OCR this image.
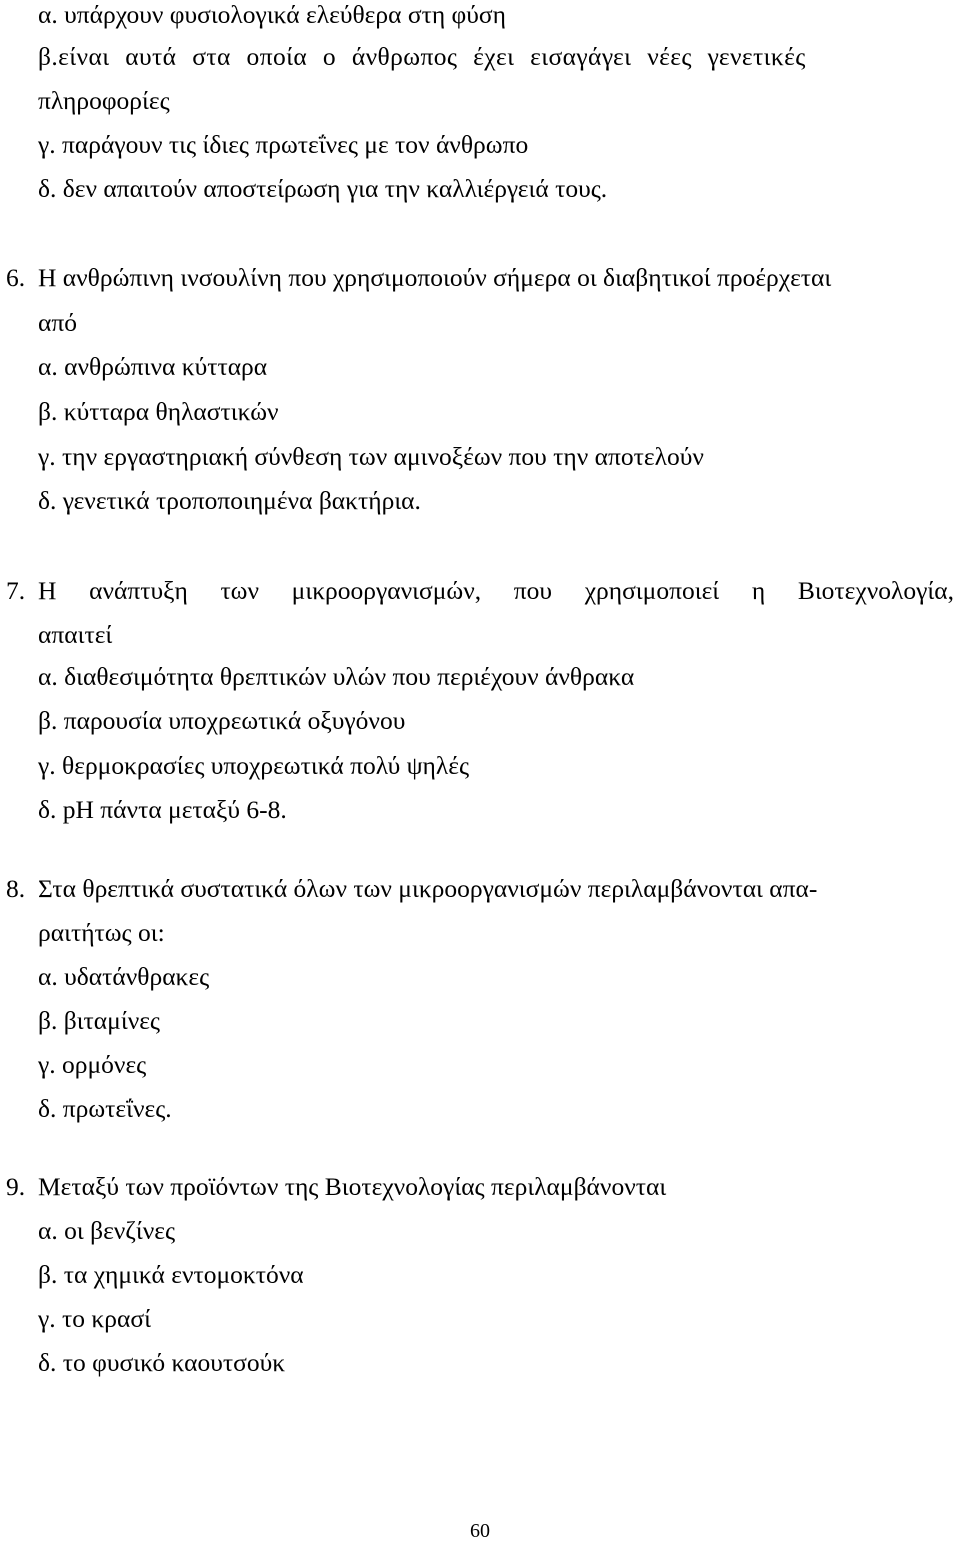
α. υπάρχουν φυσιολογικά ελεύθερα στη φύση
β.είναι αυτά στα οποία ο άνθρωπος έχει εισαγάγει νέες γενετικές
πληροφορίες
γ. παράγουν τις ίδιες πρωτεΐνες με τον άνθρωπο
δ. δεν απαιτούν αποστείρωση για την καλλιέργειά τους.
6. Η ανθρώπινη ινσουλίνη που χρησιμοποιούν σήμερα οι διαβητικοί προέρχεται
από
α. ανθρώπινα κύτταρα
β. κύτταρα θηλαστικών
γ. την εργαστηριακή σύνθεση των αμινοξέων που την αποτελούν
δ. γενετικά τροποποιημένα βακτήρια.
7. Η ανάπτυξη των μικροοργανισμών, που χρησιμοποιεί η Βιοτεχνολογία,
απαιτεί
α. διαθεσιμότητα θρεπτικών υλών που περιέχουν άνθρακα
β. παρουσία υποχρεωτικά οξυγόνου
γ. θερμοκρασίες υποχρεωτικά πολύ ψηλές
δ. pH πάντα μεταξύ 6-8.
8. Στα θρεπτικά συστατικά όλων των μικροοργανισμών περιλαμβάνονται απα-
ραιτήτως οι:
α. υδατάνθρακες
β. βιταμίνες
γ. ορμόνες
δ. πρωτεΐνες.
9. Μεταξύ των προϊόντων της Βιοτεχνολογίας περιλαμβάνονται
α. οι βενζίνες
β. τα χημικά εντομοκτόνα
γ. το κρασί
δ. το φυσικό καουτσούκ
60
